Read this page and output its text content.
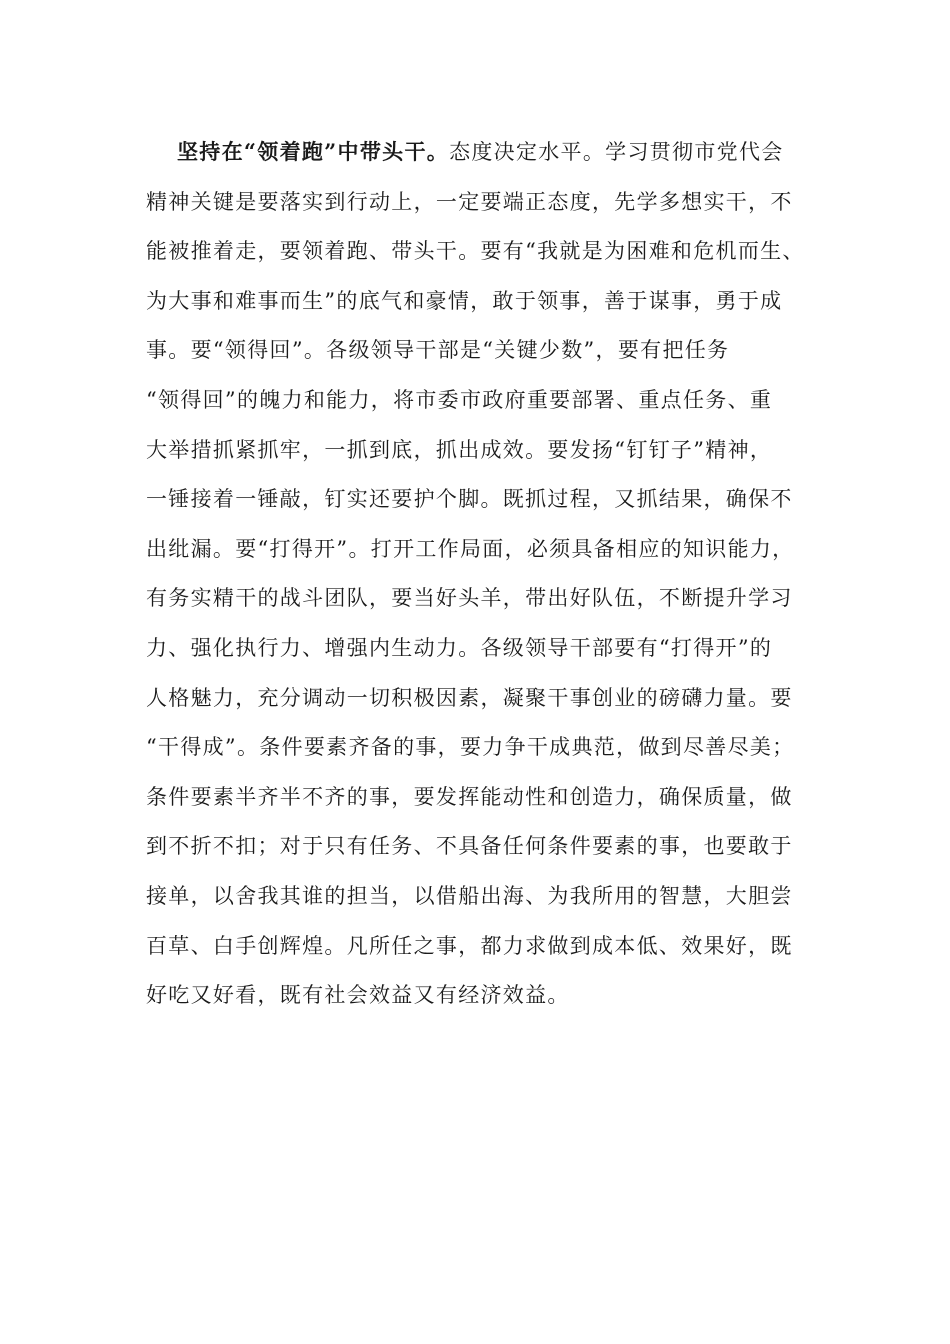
坚持在“领着跑”中带头干。态度决定水平。学习贯彻市党代会
精神关键是要落实到行动上，一定要端正态度，先学多想实干，不
能被推着走，要领着跑、带头干。要有“我就是为困难和危机而生、
为大事和难事而生”的底气和豪情，敢于领事，善于谋事，勇于成
事。要“领得回”。各级领导干部是“关键少数”，要有把任务
“领得回”的魄力和能力，将市委市政府重要部署、重点任务、重
大举措抓紧抓牢，一抓到底，抓出成效。要发扬“钉钉子”精神，
一锤接着一锤敲，钉实还要护个脚。既抓过程，又抓结果，确保不
出纰漏。要“打得开”。打开工作局面，必须具备相应的知识能力，
有务实精干的战斗团队，要当好头羊，带出好队伍，不断提升学习
力、强化执行力、增强内生动力。各级领导干部要有“打得开”的
人格魅力，充分调动一切积极因素，凝聚干事创业的磅礴力量。要
“干得成”。条件要素齐备的事，要力争干成典范，做到尽善尽美；
条件要素半齐半不齐的事，要发挥能动性和创造力，确保质量，做
到不折不扣；对于只有任务、不具备任何条件要素的事，也要敢于
接单，以舍我其谁的担当，以借船出海、为我所用的智慧，大胆尝
百草、白手创辉煌。凡所任之事，都力求做到成本低、效果好，既
好吃又好看，既有社会效益又有经济效益。
